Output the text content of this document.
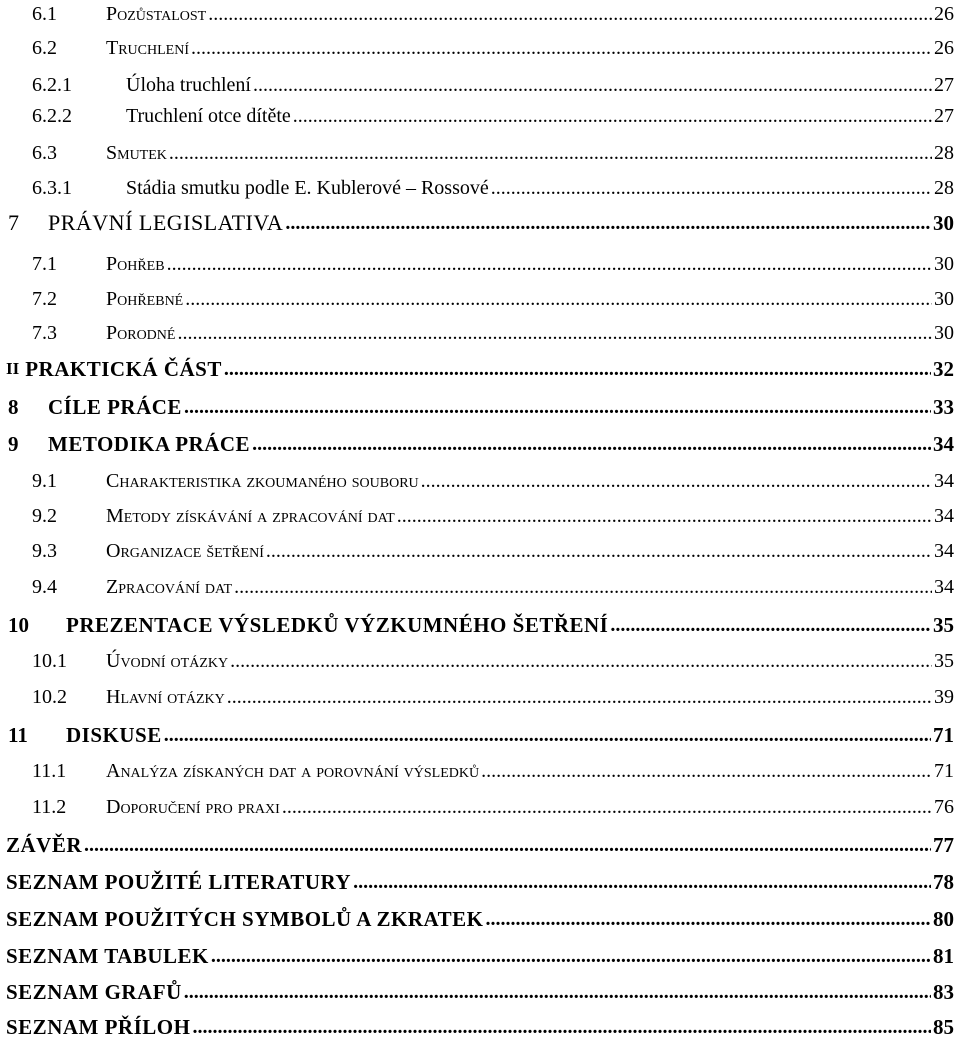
6.1	Pozůstalost .....	26
6.2	Truchlení .....	26
6.2.1	Úloha truchlení .....	27
6.2.2	Truchlení otce dítěte .....	27
6.3	Smutek .....	28
6.3.1	Stádia smutku podle E. Kublerové – Rossové .....	28
7	PRÁVNÍ LEGISLATIVA .....	30
7.1	Pohřeb .....	30
7.2	Pohřebné .....	30
7.3	Porodné .....	30
II PRAKTICKÁ ČÁST .....	32
8	CÍLE PRÁCE .....	33
9	METODIKA PRÁCE .....	34
9.1	Charakteristika zkoumaného souboru .....	34
9.2	Metody získávání a zpracování dat .....	34
9.3	Organizace šetření .....	34
9.4	Zpracování dat .....	34
10	PREZENTACE VÝSLEDKŮ VÝZKUMNÉHO ŠETŘENÍ .....	35
10.1	Úvodní otázky .....	35
10.2	Hlavní otázky .....	39
11	DISKUSE .....	71
11.1	Analýza získaných dat a porovnání výsledků .....	71
11.2	Doporučení pro praxi .....	76
ZÁVĚR .....	77
SEZNAM POUŽITÉ LITERATURY .....	78
SEZNAM POUŽITÝCH SYMBOLŮ A ZKRATEK .....	80
SEZNAM TABULEK .....	81
SEZNAM GRAFŮ .....	83
SEZNAM PŘÍLOH .....	85
